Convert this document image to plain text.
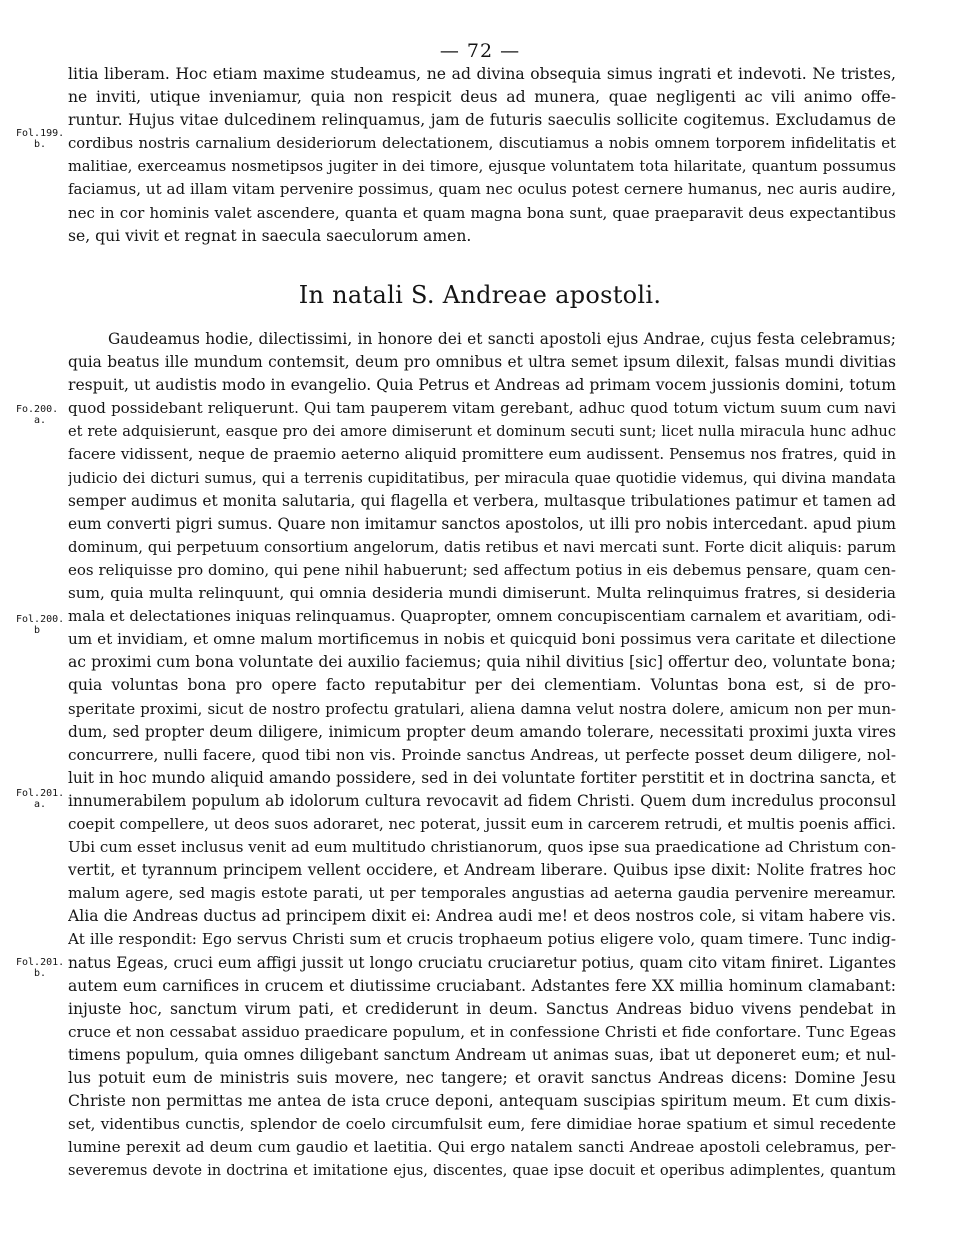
— 72 —
litia liberam. Hoc etiam maxime studeamus, ne ad divina obsequia simus ingrati et indevoti. Ne tristes,
ne inviti, utique inveniamur, quia non respicit deus ad munera, quae negligenti ac vili animo offe-
runtur. Hujus vitae dulcedinem relinquamus, jam de futuris saeculis sollicite cogitemus. Excludamus de
cordibus nostris carnalium desideriorum delectationem, discutiamus a nobis omnem torporem infidelitatis et
malitiae, exerceamus nosmetipsos jugiter in dei timore, ejusque voluntatem tota hilaritate, quantum possumus
faciamus, ut ad illam vitam pervenire possimus, quam nec oculus potest cernere humanus, nec auris audire,
nec in cor hominis valet ascendere, quanta et quam magna bona sunt, quae praeparavit deus expectantibus
se, qui vivit et regnat in saecula saeculorum amen.
In natali S. Andreae apostoli.
Gaudeamus hodie, dilectissimi, in honore dei et sancti apostoli ejus Andrae, cujus festa celebramus;
quia beatus ille mundum contemsit, deum pro omnibus et ultra semet ipsum dilexit, falsas mundi divitias
respuit, ut audistis modo in evangelio. Quia Petrus et Andreas ad primam vocem jussionis domini, totum
quod possidebant reliquerunt. Qui tam pauperem vitam gerebant, adhuc quod totum victum suum cum navi
et rete adquisierunt, easque pro dei amore dimiserunt et dominum secuti sunt; licet nulla miracula hunc adhuc
facere vidissent, neque de praemio aeterno aliquid promittere eum audissent. Pensemus nos fratres, quid in
judicio dei dicturi sumus, qui a terrenis cupiditatibus, per miracula quae quotidie videmus, qui divina mandata
semper audimus et monita salutaria, qui flagella et verbera, multasque tribulationes patimur et tamen ad
eum converti pigri sumus. Quare non imitamur sanctos apostolos, ut illi pro nobis intercedant. apud pium
dominum, qui perpetuum consortium angelorum, datis retibus et navi mercati sunt. Forte dicit aliquis: parum
eos reliquisse pro domino, qui pene nihil habuerunt; sed affectum potius in eis debemus pensare, quam cen-
sum, quia multa relinquunt, qui omnia desideria mundi dimiserunt. Multa relinquimus fratres, si desideria
mala et delectationes iniquas relinquamus. Quapropter, omnem concupiscentiam carnalem et avaritiam, odi-
um et invidiam, et omne malum mortificemus in nobis et quicquid boni possimus vera caritate et dilectione
ac proximi cum bona voluntate dei auxilio faciemus; quia nihil divitius [sic] offertur deo, voluntate bona;
quia voluntas bona pro opere facto reputabitur per dei clementiam. Voluntas bona est, si de pro-
speritate proximi, sicut de nostro profectu gratulari, aliena damna velut nostra dolere, amicum non per mun-
dum, sed propter deum diligere, inimicum propter deum amando tolerare, necessitati proximi juxta vires
concurrere, nulli facere, quod tibi non vis. Proinde sanctus Andreas, ut perfecte posset deum diligere, nol-
luit in hoc mundo aliquid amando possidere, sed in dei voluntate fortiter perstitit et in doctrina sancta, et
innumerabilem populum ab idolorum cultura revocavit ad fidem Christi. Quem dum incredulus proconsul
coepit compellere, ut deos suos adoraret, nec poterat, jussit eum in carcerem retrudi, et multis poenis affici.
Ubi cum esset inclusus venit ad eum multitudo christianorum, quos ipse sua praedicatione ad Christum con-
vertit, et tyrannum principem vellent occidere, et Andream liberare. Quibus ipse dixit: Nolite fratres hoc
malum agere, sed magis estote parati, ut per temporales angustias ad aeterna gaudia pervenire mereamur.
Alia die Andreas ductus ad principem dixit ei: Andrea audi me! et deos nostros cole, si vitam habere vis.
At ille respondit: Ego servus Christi sum et crucis trophaeum potius eligere volo, quam timere. Tunc indig-
natus Egeas, cruci eum affigi jussit ut longo cruciatu cruciaretur potius, quam cito vitam finiret. Ligantes
autem eum carnifices in crucem et diutissime cruciabant. Adstantes fere XX millia hominum clamabant:
injuste hoc, sanctum virum pati, et crediderunt in deum. Sanctus Andreas biduo vivens pendebat in
cruce et non cessabat assiduo praedicare populum, et in confessione Christi et fide confortare. Tunc Egeas
timens populum, quia omnes diligebant sanctum Andream ut animas suas, ibat ut deponeret eum; et nul-
lus potuit eum de ministris suis movere, nec tangere; et oravit sanctus Andreas dicens: Domine Jesu
Christe non permittas me antea de ista cruce deponi, antequam suscipias spiritum meum. Et cum dixis-
set, videntibus cunctis, splendor de coelo circumfulsit eum, fere dimidiae horae spatium et simul recedente
lumine perexit ad deum cum gaudio et laetitia. Qui ergo natalem sancti Andreae apostoli celebramus, per-
severemus devote in doctrina et imitatione ejus, discentes, quae ipse docuit et operibus adimplentes, quantum
Fol.199.
b.
Fo.200.
a.
Fol.200.
b
Fol.201.
a.
Fol.201.
b.
